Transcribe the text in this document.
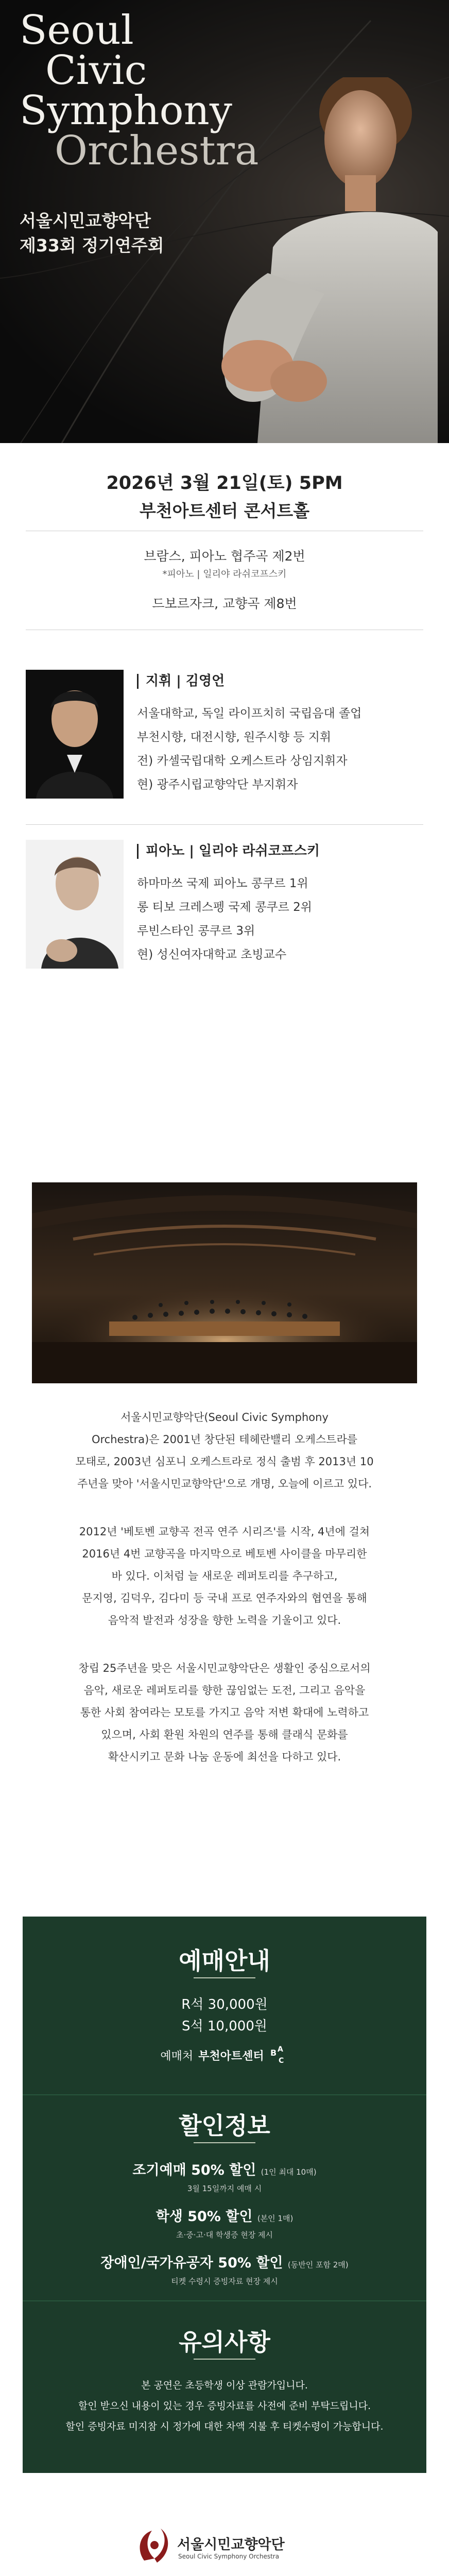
Seoul
Civic
Symphony
Orchestra
서울시민교향악단
제33회 정기연주회
2026년 3월 21일(토) 5PM
부천아트센터 콘서트홀
브람스, 피아노 협주곡 제2번
*피아노 | 일리야 라쉬코프스키
드보르자크, 교향곡 제8번
지휘 | 김영언
서울대학교, 독일 라이프치히 국립음대 졸업
부천시향, 대전시향, 원주시향 등 지휘
전) 카셀국립대학 오케스트라 상임지휘자
현) 광주시립교향악단 부지휘자
피아노 | 일리야 라쉬코프스키
하마마쓰 국제 피아노 콩쿠르 1위
롱 티보 크레스펭 국제 콩쿠르 2위
루빈스타인 콩쿠르 3위
현) 성신여자대학교 초빙교수
서울시민교향악단(Seoul Civic Symphony
Orchestra)은 2001년 창단된 테헤란밸리 오케스트라를
모태로, 2003년 심포니 오케스트라로 정식 출범 후 2013년 10
주년을 맞아 '서울시민교향악단'으로 개명, 오늘에 이르고 있다.
2012년 '베토벤 교향곡 전곡 연주 시리즈'를 시작, 4년에 걸쳐
2016년 4번 교향곡을 마지막으로 베토벤 사이클을 마무리한
바 있다. 이처럼 늘 새로운 레퍼토리를 추구하고,
문지영, 김덕우, 김다미 등 국내 프로 연주자와의 협연을 통해
음악적 발전과 성장을 향한 노력을 기울이고 있다.
창립 25주년을 맞은 서울시민교향악단은 생활인 중심으로서의
음악, 새로운 레퍼토리를 향한 끊임없는 도전, 그리고 음악을
통한 사회 참여라는 모토를 가지고 음악 저변 확대에 노력하고
있으며, 사회 환원 차원의 연주를 통해 클래식 문화를
확산시키고 문화 나눔 운동에 최선을 다하고 있다.
예매안내
R석 30,000원
S석 10,000원
예매처 부천아트센터 B A
C
할인정보
조기예매 50% 할인 (1인 최대 10매)
3월 15일까지 예매 시
학생 50% 할인 (본인 1매)
초·중·고·대 학생증 현장 제시
장애인/국가유공자 50% 할인 (동반인 포함 2매)
티켓 수령시 증빙자료 현장 제시
유의사항
본 공연은 초등학생 이상 관람가입니다.
할인 받으신 내용이 있는 경우 증빙자료를 사전에 준비 부탁드립니다.
할인 증빙자료 미지참 시 정가에 대한 차액 지불 후 티켓수령이 가능합니다.
서울시민교향악단
Seoul Civic Symphony Orchestra
